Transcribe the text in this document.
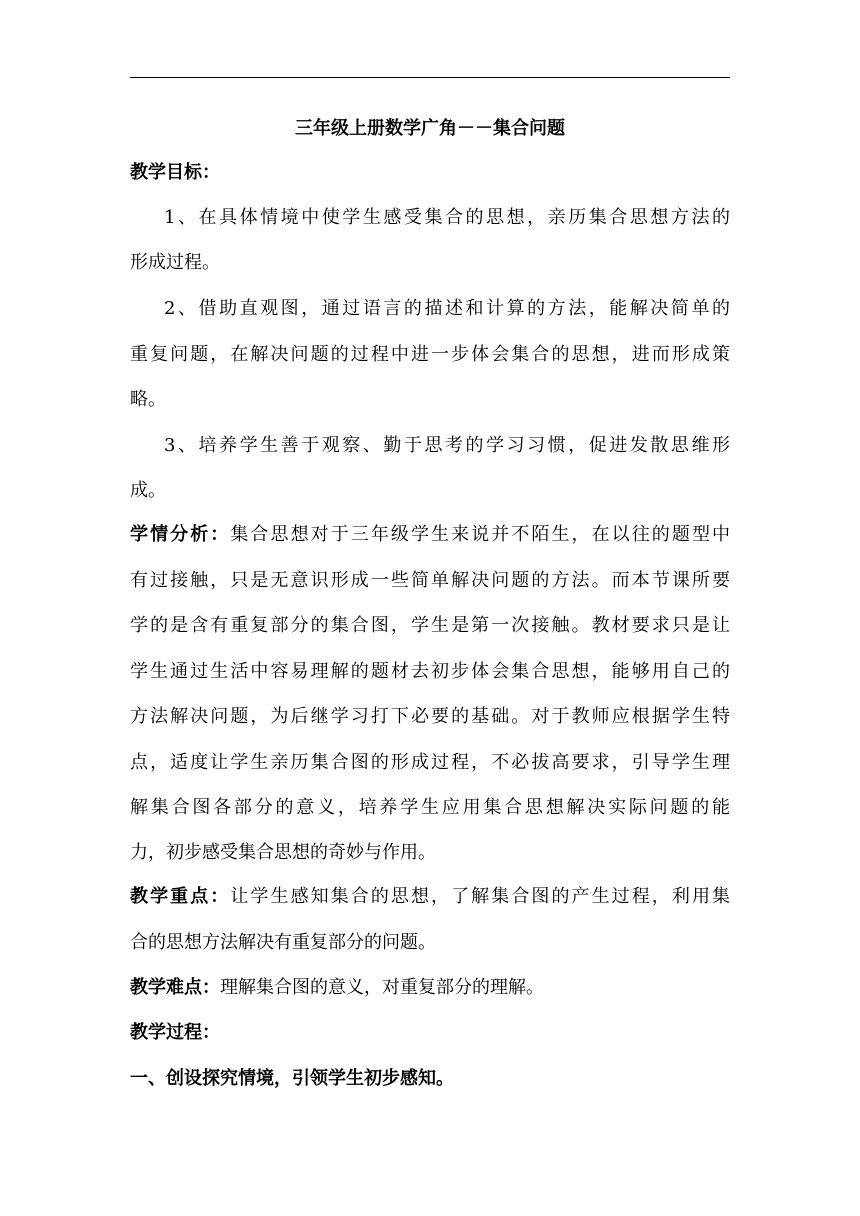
三年级上册数学广角－－集合问题
教学目标：
1、在具体情境中使学生感受集合的思想，亲历集合思想方法的
形成过程。
2、借助直观图，通过语言的描述和计算的方法，能解决简单的
重复问题，在解决问题的过程中进一步体会集合的思想，进而形成策
略。
3、培养学生善于观察、勤于思考的学习习惯，促进发散思维形
成。
学情分析：集合思想对于三年级学生来说并不陌生，在以往的题型中
有过接触，只是无意识形成一些简单解决问题的方法。而本节课所要
学的是含有重复部分的集合图，学生是第一次接触。教材要求只是让
学生通过生活中容易理解的题材去初步体会集合思想，能够用自己的
方法解决问题，为后继学习打下必要的基础。对于教师应根据学生特
点，适度让学生亲历集合图的形成过程，不必拔高要求，引导学生理
解集合图各部分的意义，培养学生应用集合思想解决实际问题的能
力，初步感受集合思想的奇妙与作用。
教学重点：让学生感知集合的思想，了解集合图的产生过程，利用集
合的思想方法解决有重复部分的问题。
教学难点：理解集合图的意义，对重复部分的理解。
教学过程：
一、创设探究情境，引领学生初步感知。
